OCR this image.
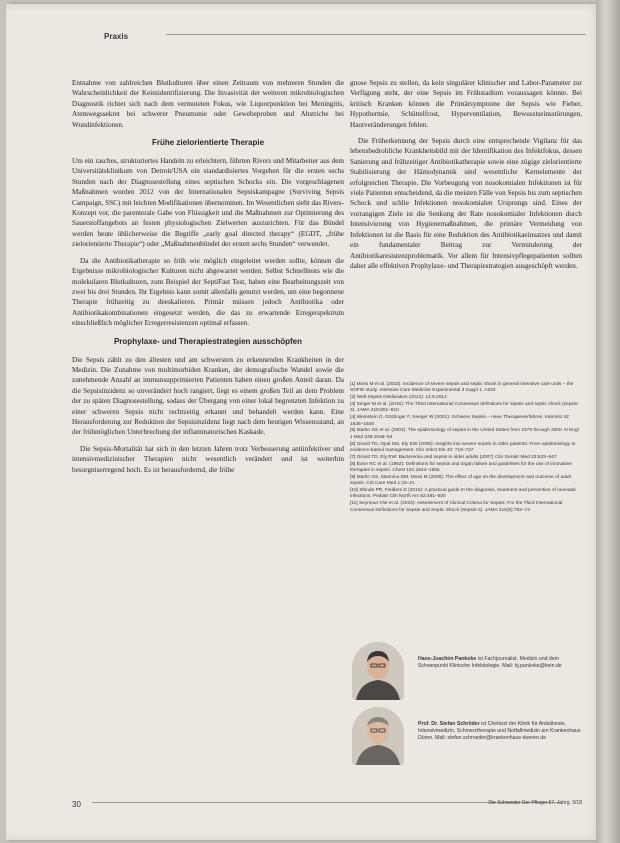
Praxis

Entnahme von zahlreichen Blutkulturen über einen Zeitraum von mehreren Stunden die Wahrscheinlichkeit der Keimidentifizierung. Die Invasivität der weiteren mikrobiologischen Diagnostik richtet sich nach dem vermuteten Fokus, wie Liquorpunktion bei Meningitis, Atemwegssekret bei schwerer Pneumonie oder Gewebeproben und Abstriche bei Wundinfektionen.

Frühe zielorientierte Therapie

Um ein rasches, strukturiertes Handeln zu erleichtern, führten Rivers und Mitarbeiter aus dem Universitätsklinikum von Detroit/USA ein standardisiertes Vorgehen für die ersten sechs Stunden nach der Diagnosestellung eines septischen Schocks ein. Die vorgeschlagenen Maßnahmen wurden 2012 von der Internationalen Sepsiskampagne (Surviving Sepsis Campaign, SSC) mit leichten Modifikationen übernommen. Im Wesentlichen sieht das Rivers-Konzept vor, die parenterale Gabe von Flüssigkeit und die Maßnahmen zur Optimierung des Sauerstoffangebots an festen physiologischen Zielwerten auszurichten. Für das Bündel werden heute üblicherweise die Begriffe „early goal directed therapy“ (EGDT, „frühe zielorientierte Therapie“) oder „Maßnahmenbündel der ersten sechs Stunden“ verwendet.

Da die Antibiotikatherapie so früh wie möglich eingeleitet werden sollte, können die Ergebnisse mikrobiologischer Kulturen nicht abgewartet werden. Selbst Schnelltests wie die molekularen Blutkulturen, zum Beispiel der SeptiFast Test, haben eine Bearbeitungszeit von zwei bis drei Stunden. Ihr Ergebnis kann somit allenfalls genutzt werden, um eine begonnene Therapie frühzeitig zu deeskalieren. Primär müssen jedoch Antibiotika oder Antibiotikakombinationen eingesetzt werden, die das zu erwartende Erregerspektrum einschließlich möglicher Erregerresistenzen optimal erfassen.

Prophylaxe- und Therapiestrategien ausschöpfen

Die Sepsis zählt zu den ältesten und am schwersten zu erkennenden Krankheiten in der Medizin. Die Zunahme von multimorbiden Kranken, der demografische Wandel sowie die zunehmende Anzahl an immunsupprimierten Patienten haben einen großen Anteil daran. Da die Sepsisinzidenz so unverändert hoch rangiert, liegt es einem großen Teil an dem Problem der zu späten Diagnosestellung, sodass der Übergang von einer lokal begrenzten Infektion zu einer schweren Sepsis nicht rechtzeitig erkannt und behandelt werden kann. Eine Herausforderung zur Reduktion der Sepsisinzidenz liegt nach dem heutigen Wissensstand, an der frühmöglichen Unterbrechung der inflammatorischen Kaskade.

Die Sepsis-Mortalität hat sich in den letzten Jahren trotz Verbesserung antiinfektiver und intensivmedizinischer Therapien nicht wesentlich verändert und ist weiterhin besorgniserregend hoch. Es ist herausfordernd, die frühe

gnose Sepsis zu stellen, da kein singulärer klinischer und Labor-Parameter zur Verfügung steht, der eine Sepsis im Frühstadium voraussagen könnte. Bei kritisch Kranken können die Primärsymptome der Sepsis wie Fieber, Hypothermie, Schüttelfrost, Hyperventilation, Bewusstseinsstörungen, Hautveränderungen fehlen.

Die Früherkennung der Sepsis durch eine entsprechende Vigilanz für das lebensbedrohliche Krankheitsbild mit der Identifikation des Infektfokus, dessen Sanierung und frühzeitiger Antibiotikatherapie sowie eine zügige zielorientierte Stabilisierung der Hämodynamik sind wesentliche Kernelemente der erfolgreichen Therapie. Die Vorbeugung von nosokomialen Infektionen ist für viele Patienten entscheidend, da die meisten Fälle von Sepsis bis zum septischen Schock und schlie Infektionen nosokomialen Ursprungs sind. Eines der vorrangigen Ziele ist die Senkung der Rate nosokomialer Infektionen durch Intensivierung von Hygienemaßnahmen, die primäre Vermeidung von Infektionen ist die Basis für eine Reduktion des Antibiotikaeinsatzes und damit ein fundamentaler Beitrag zur Verminderung der Antibiotikaresistenzproblematik. Vor allem für Intensivpflegepatienten sollten daher alle effektiven Prophylaxe- und Therapiestrategien ausgeschöpft werden.

[1] Moss M et al. (2015). Incidence of severe sepsis and septic shock in general intensive care units – the SOFIE study. Intensive Care Medicine Experimental 3 Suppl 1: A233
[2] Welt Sepsis Deklaration (2013): 13.9.2013
[3] Singer M et al. (2016): The Third International Consensus definitions for sepsis and septic shock (sepsis-3). JAMA 315:801–810
[4] Weinstein D, Götzinger F, Seeger W (2001): Schwere Sepsis – neue Therapieverfahren. Internist 42: 1635–1648
[5] Martin GS et al. (2003): The epidemiology of sepsis in the United States from 1979 through 2000. N Engl J Med 348:1546–54
[6] Girard TD, Opal SM, Ely EW (2005): Insights into severe sepsis in older patients: From epidemiology to evidence-based management. Clin Infect Dis 40: 719–727
[7] Girard TD, Ely EW: Bacteremia and sepsis in older adults (2007) Clin Geriatr Med 23:633–647
[8] Bone RC et al. (1992): Definitions for sepsis and organ failure and guidelines for the use of innovative therapies in sepsis. Chest 101:1644–1655
[9] Martin GS, Mannino DM, Moss M (2006): The effect of age on the development and outcome of adult sepsis. Crit Care Med 1:15–21
[10] Shinde PR, Fiedlers D (2015): A practical guide to the diagnosis, treatment and prevention of neonatal infections. Pediatr Clin North Am 62:481–500
[11] Seymour CW et al. (2016): Assessment of Clinical Criteria for Sepsis: For the Third International Consensus Definitions for Sepsis and Septic Shock (Sepsis-3). JAMA 315(8):762–74
Hans-Joachim Pankoke ist Fachjournalist, Medizin und dem Schwerpunkt Klinische Infektiologie. Mail: hj.pankoke@kein.de
Prof. Dr. Stefan Schröder ist Chefarzt der Klinik für Anästhesie, Intensivmedizin, Schmerztherapie und Notfallmedizin am Krankenhaus Düren. Mail: stefan.schroeder@krankenhaus-dueren.de
30	Die Schwester Der Pfleger 57. Jahrg. 3/18
